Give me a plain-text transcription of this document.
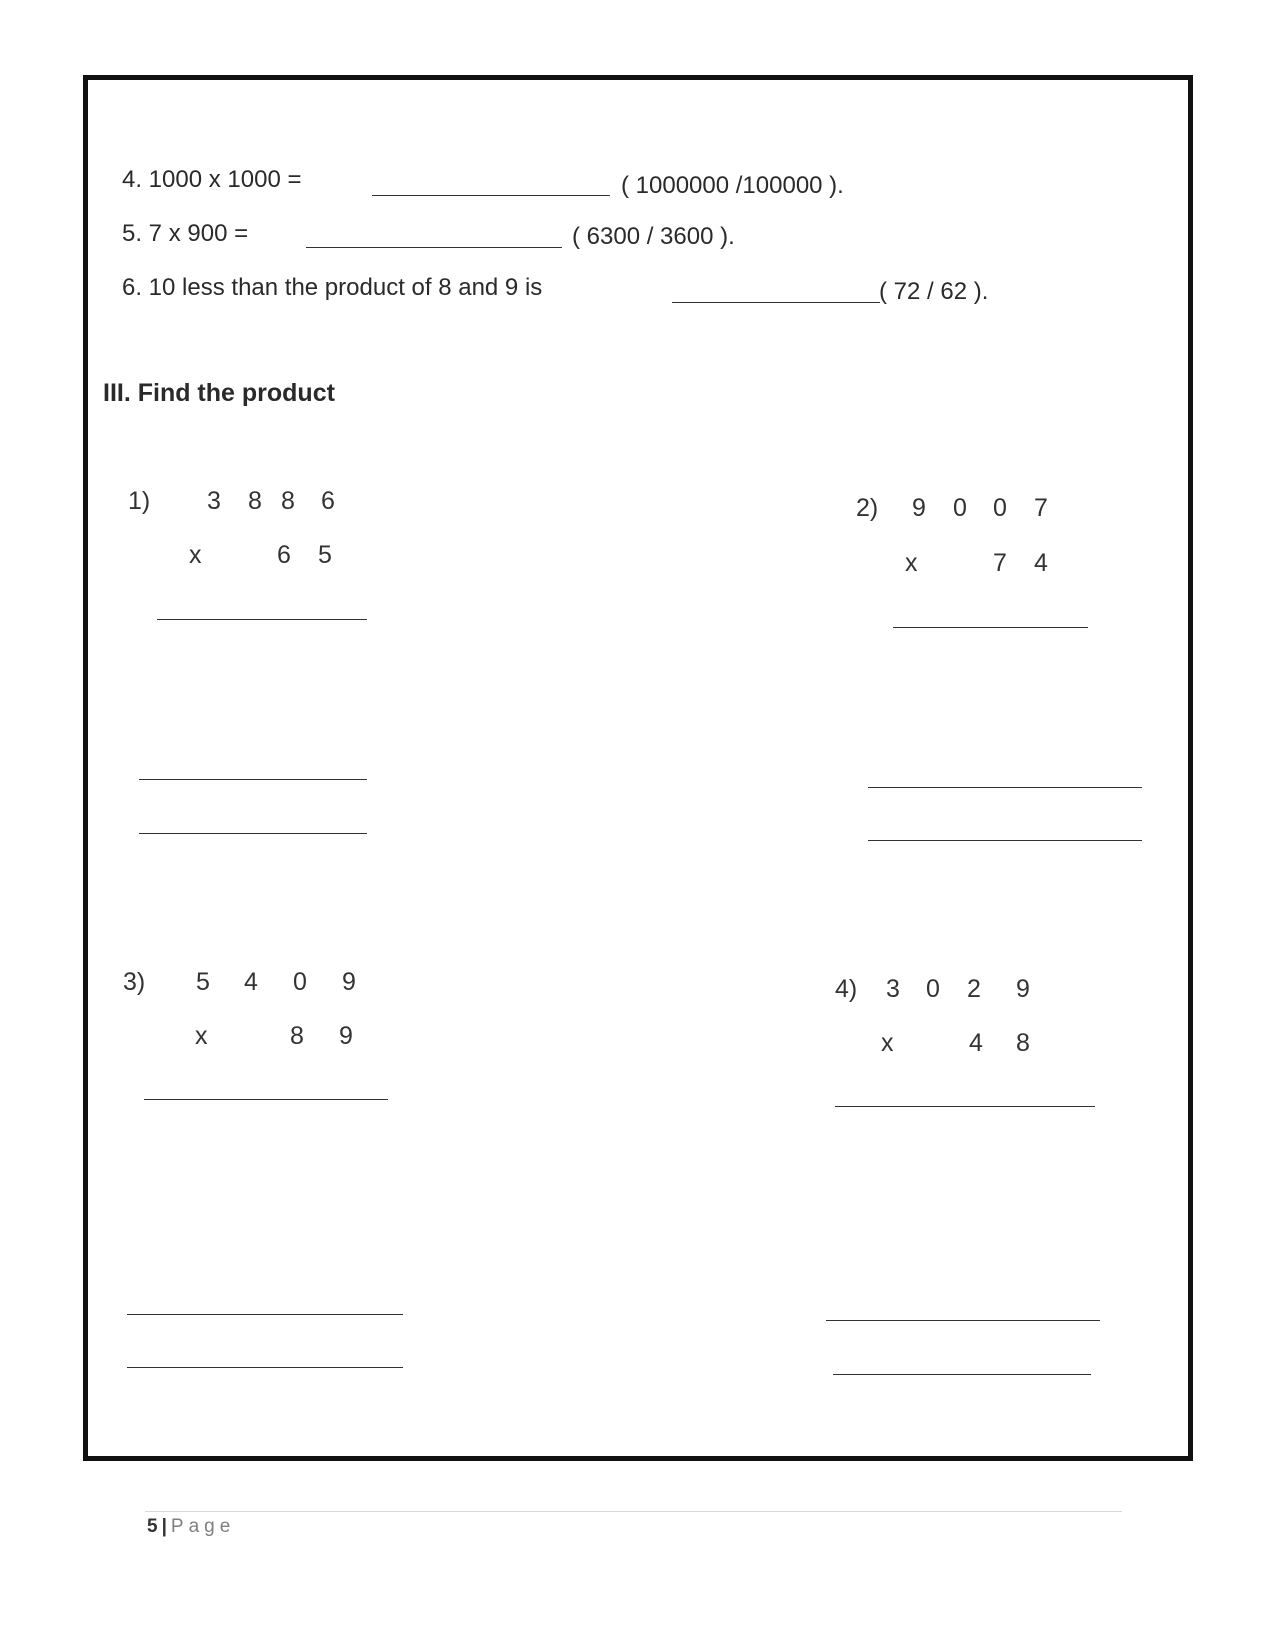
4. 1000 x 1000 =	( 1000000 /100000 ).
5. 7 x 900 =	( 6300 / 3600 ).
6. 10 less than the product of 8 and 9 is	( 72 / 62 ).
III. Find the product
1) 3 8 8 6
x	6 5
2) 9 0 0 7
x	7 4
3) 5 4 0 9
x	8 9
4) 3 0 2 9
x	4 8
5 | Page
